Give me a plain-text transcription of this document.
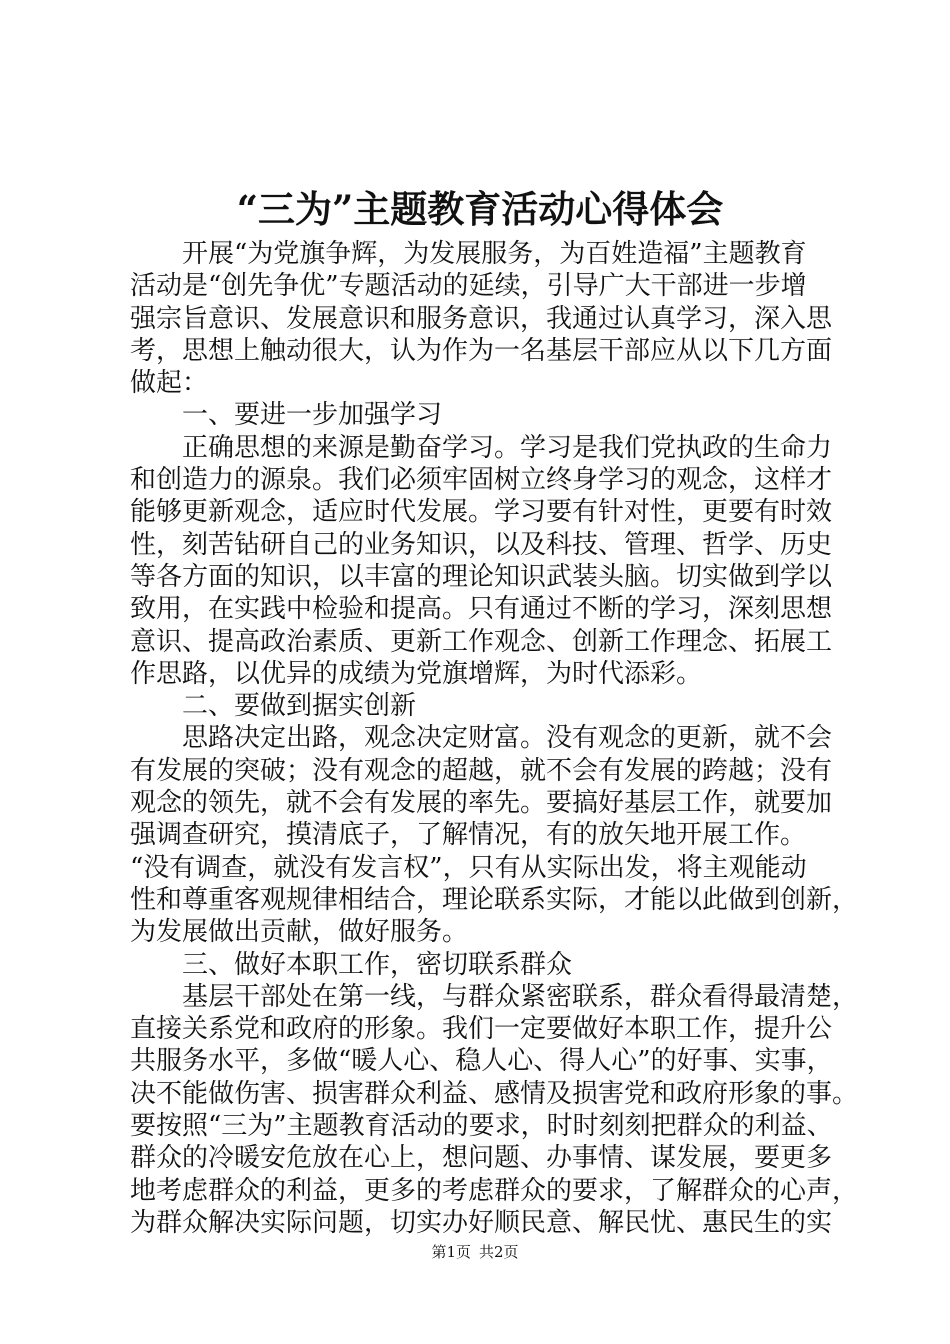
“三为”主题教育活动心得体会
　　开展“为党旗争辉，为发展服务，为百姓造福”主题教育
活动是“创先争优”专题活动的延续，引导广大干部进一步增
强宗旨意识、发展意识和服务意识，我通过认真学习，深入思
考，思想上触动很大，认为作为一名基层干部应从以下几方面
做起：
　　一、要进一步加强学习
　　正确思想的来源是勤奋学习。学习是我们党执政的生命力
和创造力的源泉。我们必须牢固树立终身学习的观念，这样才
能够更新观念，适应时代发展。学习要有针对性，更要有时效
性，刻苦钻研自己的业务知识，以及科技、管理、哲学、历史
等各方面的知识，以丰富的理论知识武装头脑。切实做到学以
致用，在实践中检验和提高。只有通过不断的学习，深刻思想
意识、提高政治素质、更新工作观念、创新工作理念、拓展工
作思路，以优异的成绩为党旗增辉，为时代添彩。
　　二、要做到据实创新
　　思路决定出路，观念决定财富。没有观念的更新，就不会
有发展的突破；没有观念的超越，就不会有发展的跨越；没有
观念的领先，就不会有发展的率先。要搞好基层工作，就要加
强调查研究，摸清底子，了解情况，有的放矢地开展工作。
“没有调查，就没有发言权”，只有从实际出发，将主观能动
性和尊重客观规律相结合，理论联系实际，才能以此做到创新，
为发展做出贡献，做好服务。
　　三、做好本职工作，密切联系群众
　　基层干部处在第一线，与群众紧密联系，群众看得最清楚，
直接关系党和政府的形象。我们一定要做好本职工作，提升公
共服务水平，多做“暖人心、稳人心、得人心”的好事、实事，
决不能做伤害、损害群众利益、感情及损害党和政府形象的事。
要按照“三为”主题教育活动的要求，时时刻刻把群众的利益、
群众的冷暖安危放在心上，想问题、办事情、谋发展，要更多
地考虑群众的利益，更多的考虑群众的要求，了解群众的心声，
为群众解决实际问题，切实办好顺民意、解民忧、惠民生的实
第1页 共2页
